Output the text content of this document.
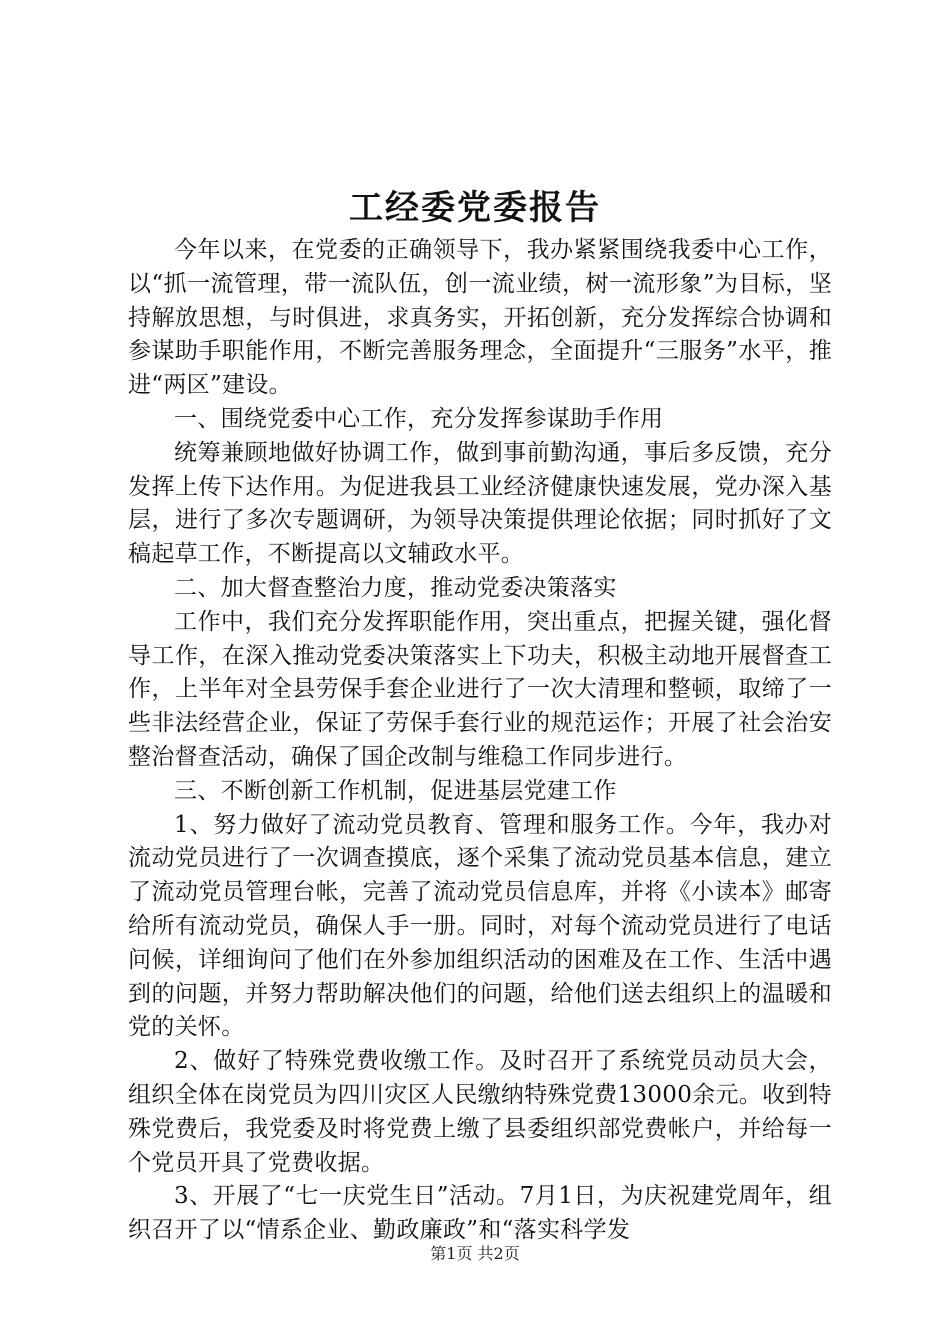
工经委党委报告

今年以来，在党委的正确领导下，我办紧紧围绕我委中心工作，以“抓一流管理，带一流队伍，创一流业绩，树一流形象”为目标，坚持解放思想，与时俱进，求真务实，开拓创新，充分发挥综合协调和参谋助手职能作用，不断完善服务理念，全面提升“三服务”水平，推进“两区”建设。

一、围绕党委中心工作，充分发挥参谋助手作用

统筹兼顾地做好协调工作，做到事前勤沟通，事后多反馈，充分发挥上传下达作用。为促进我县工业经济健康快速发展，党办深入基层，进行了多次专题调研，为领导决策提供理论依据；同时抓好了文稿起草工作，不断提高以文辅政水平。

二、加大督查整治力度，推动党委决策落实

工作中，我们充分发挥职能作用，突出重点，把握关键，强化督导工作，在深入推动党委决策落实上下功夫，积极主动地开展督查工作，上半年对全县劳保手套企业进行了一次大清理和整顿，取缔了一些非法经营企业，保证了劳保手套行业的规范运作；开展了社会治安整治督查活动，确保了国企改制与维稳工作同步进行。

三、不断创新工作机制，促进基层党建工作

1、努力做好了流动党员教育、管理和服务工作。今年，我办对流动党员进行了一次调查摸底，逐个采集了流动党员基本信息，建立了流动党员管理台帐，完善了流动党员信息库，并将《小读本》邮寄给所有流动党员，确保人手一册。同时，对每个流动党员进行了电话问候，详细询问了他们在外参加组织活动的困难及在工作、生活中遇到的问题，并努力帮助解决他们的问题，给他们送去组织上的温暖和党的关怀。

2、做好了特殊党费收缴工作。及时召开了系统党员动员大会，组织全体在岗党员为四川灾区人民缴纳特殊党费13000余元。收到特殊党费后，我党委及时将党费上缴了县委组织部党费帐户，并给每一个党员开具了党费收据。

3、开展了“七一庆党生日”活动。7月1日，为庆祝建党周年，组织召开了以“情系企业、勤政廉政”和“落实科学发

第1页 共2页
